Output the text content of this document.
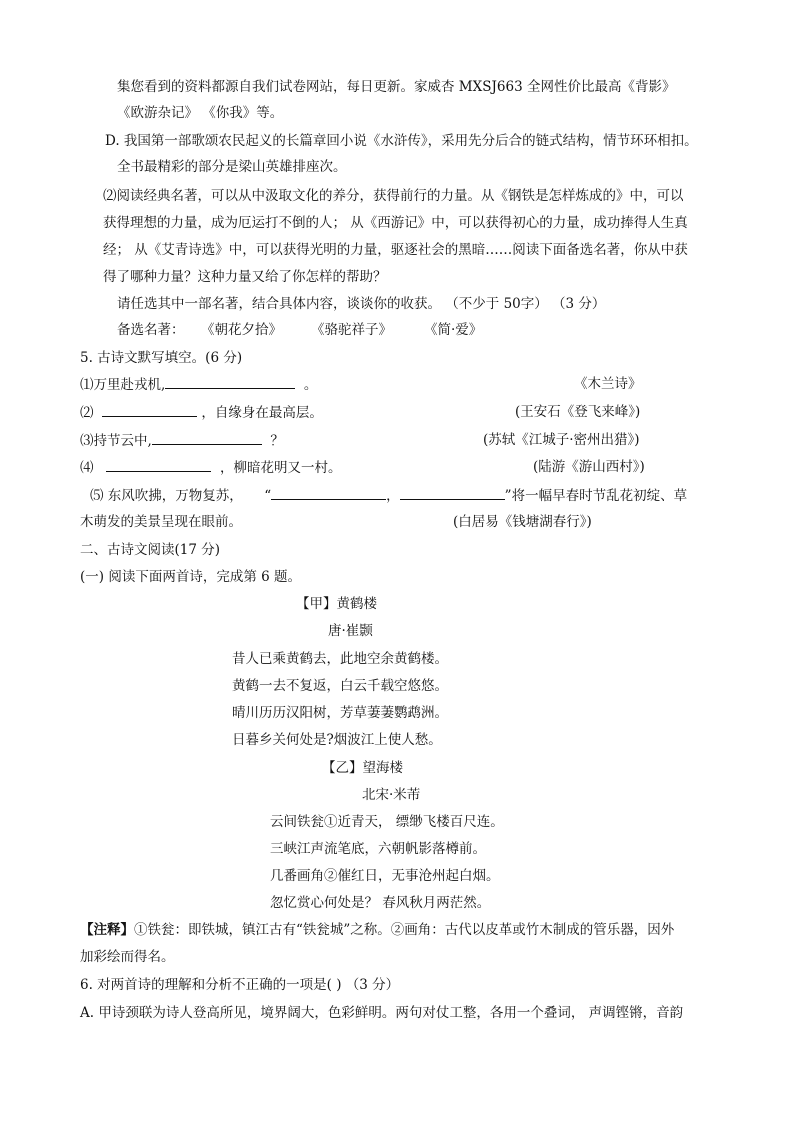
集您看到的资料都源自我们试卷网站，每日更新。家威杏 MXSJ663 全网性价比最高《背影》
《欧游杂记》 《你我》等。
D. 我国第一部歌颂农民起义的长篇章回小说《水浒传》，采用先分后合的链式结构，情节环环相扣。
全书最精彩的部分是梁山英雄排座次。
⑵阅读经典名著，可以从中汲取文化的养分，获得前行的力量。从《钢铁是怎样炼成的》中，可以
获得理想的力量，成为厄运打不倒的人； 从《西游记》中，可以获得初心的力量，成功捧得人生真
经； 从《艾青诗选》中，可以获得光明的力量，驱逐社会的黑暗……阅读下面备选名著，你从中获
得了哪种力量？这种力量又给了你怎样的帮助？
请任选其中一部名著，结合具体内容，谈谈你的收获。 （不少于 50字） （3 分）
备选名著： 《朝花夕拾》 《骆驼祥子》 《简·爱》
5. 古诗文默写填空。(6 分)
⑴万里赴戎机,	。	《木兰诗》
⑵	，自缘身在最高层。	(王安石《登飞来峰》)
⑶持节云中,	？	(苏轼《江城子·密州出猎》)
⑷	，柳暗花明又一村。	(陆游《游山西村》)
⑸ 东风吹拂，万物复苏， “	，	”将一幅早春时节乱花初绽、草
木萌发的美景呈现在眼前。	(白居易《钱塘湖春行》)
二、古诗文阅读(17 分)
(一) 阅读下面两首诗，完成第 6 题。
【甲】黄鹤楼
唐·崔颢
昔人已乘黄鹤去，此地空余黄鹤楼。
黄鹤一去不复返，白云千载空悠悠。
晴川历历汉阳树，芳草萋萋鹦鹉洲。
日暮乡关何处是?烟波江上使人愁。
【乙】望海楼
北宋·米芾
云间铁瓮①近青天， 缥缈飞楼百尺连。
三峡江声流笔底，六朝帆影落樽前。
几番画角②催红日，无事沧州起白烟。
忽忆赏心何处是？ 春风秋月两茫然。
【注释】①铁瓮：即铁城，镇江古有“铁瓮城”之称。②画角：古代以皮革或竹木制成的管乐器，因外
加彩绘而得名。
6. 对两首诗的理解和分析不正确的一项是( ) （3 分）
A. 甲诗颈联为诗人登高所见，境界阔大，色彩鲜明。两句对仗工整，各用一个叠词， 声调铿锵，音韵
